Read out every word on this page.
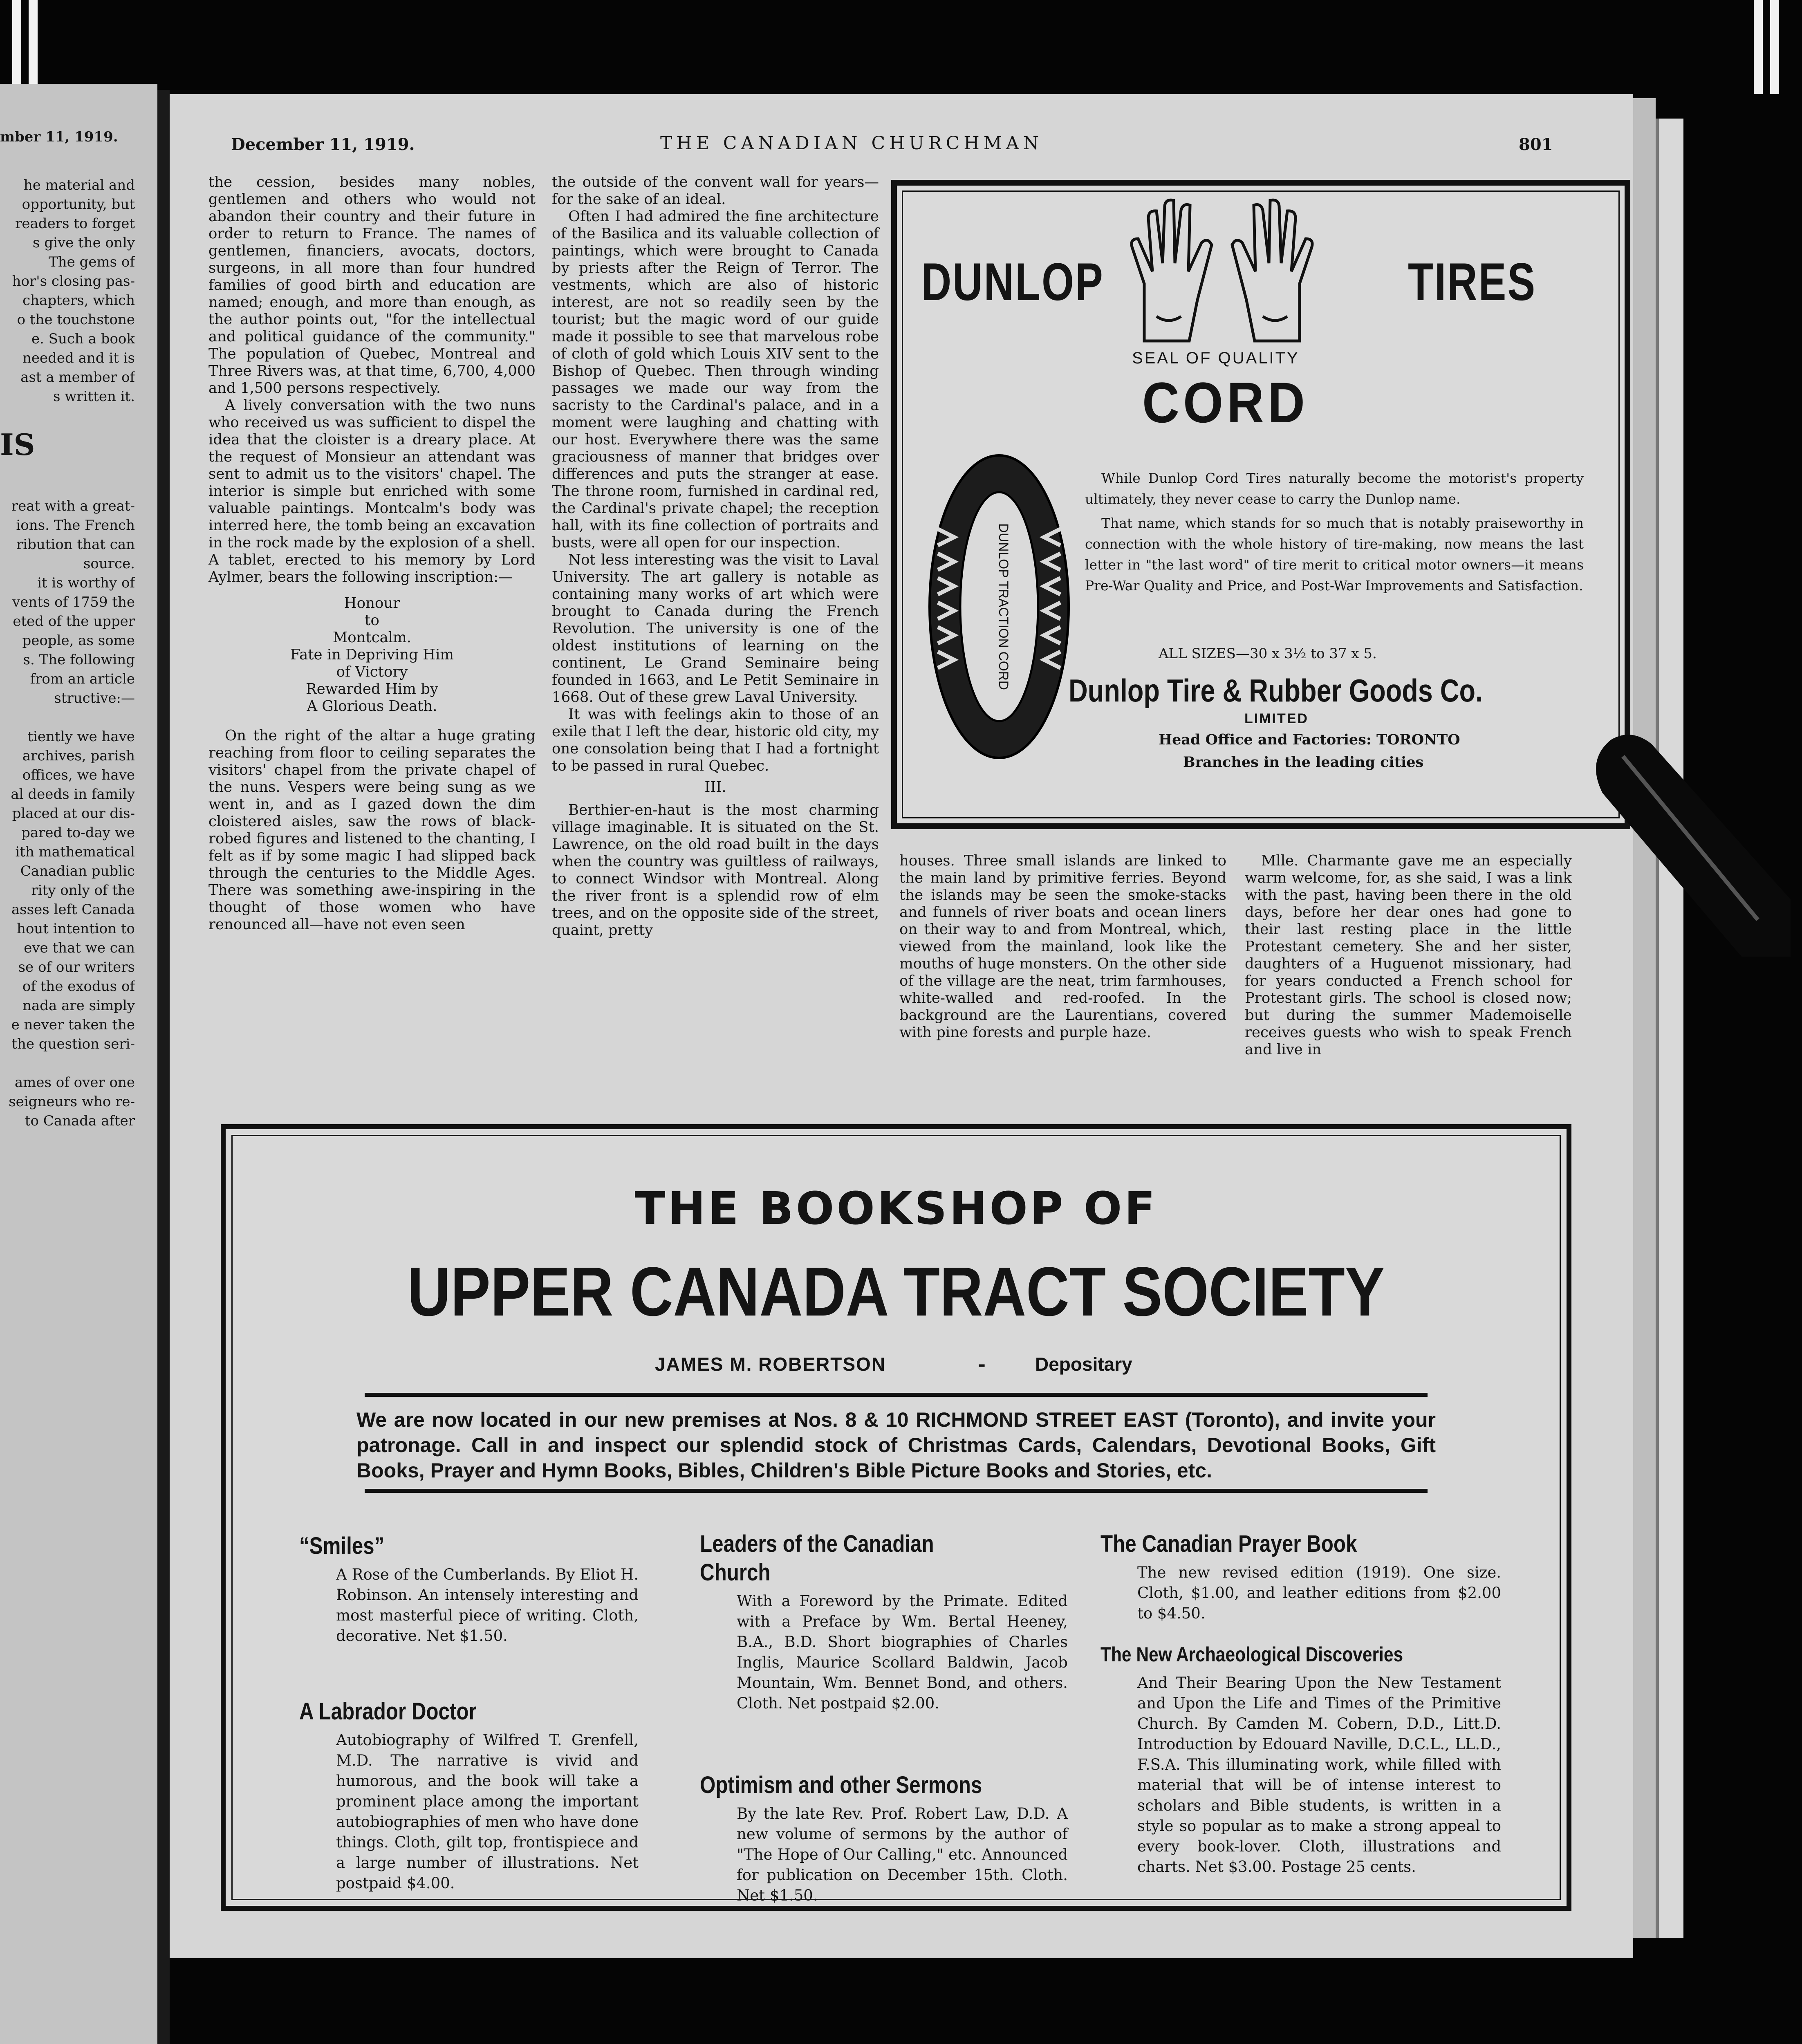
mber 11, 1919.
he material and
opportunity, but
readers to forget
s give the only
The gems of
hor's closing pas-
chapters, which
o the touchstone
e. Such a book
needed and it is
ast a member of
s written it.
IS
reat with a great-
ions. The French
ribution that can
source.
it is worthy of
vents of 1759 the
eted of the upper
people, as some
s. The following
from an article
structive:—

tiently we have
archives, parish
offices, we have
al deeds in family
placed at our dis-
pared to-day we
ith mathematical
Canadian public
rity only of the
asses left Canada
hout intention to
eve that we can
se of our writers
of the exodus of
nada are simply
e never taken the
the question seri-

ames of over one
seigneurs who re-
to Canada after
December 11, 1919.	THE CANADIAN CHURCHMAN	801

the cession, besides many nobles, gentlemen and others who would not abandon their country and their future in order to return to France. The names of gentlemen, financiers, avocats, doctors, surgeons, in all more than four hundred families of good birth and education are named; enough, and more than enough, as the author points out, "for the intellectual and political guidance of the community." The population of Quebec, Montreal and Three Rivers was, at that time, 6,700, 4,000 and 1,500 persons respectively.

A lively conversation with the two nuns who received us was sufficient to dispel the idea that the cloister is a dreary place. At the request of Monsieur an attendant was sent to admit us to the visitors' chapel. The interior is simple but enriched with some valuable paintings. Montcalm's body was interred here, the tomb being an excavation in the rock made by the explosion of a shell. A tablet, erected to his memory by Lord Aylmer, bears the following inscription:—

Honour
to
Montcalm.
Fate in Depriving Him
of Victory
Rewarded Him by
A Glorious Death.

On the right of the altar a huge grating reaching from floor to ceiling separates the visitors' chapel from the private chapel of the nuns. Vespers were being sung as we went in, and as I gazed down the dim cloistered aisles, saw the rows of black-robed figures and listened to the chanting, I felt as if by some magic I had slipped back through the centuries to the Middle Ages. There was something awe-inspiring in the thought of those women who have renounced all—have not even seen

the outside of the convent wall for years—for the sake of an ideal.

Often I had admired the fine architecture of the Basilica and its valuable collection of paintings, which were brought to Canada by priests after the Reign of Terror. The vestments, which are also of historic interest, are not so readily seen by the tourist; but the magic word of our guide made it possible to see that marvelous robe of cloth of gold which Louis XIV sent to the Bishop of Quebec. Then through winding passages we made our way from the sacristy to the Cardinal's palace, and in a moment were laughing and chatting with our host. Everywhere there was the same graciousness of manner that bridges over differences and puts the stranger at ease. The throne room, furnished in cardinal red, the Cardinal's private chapel; the reception hall, with its fine collection of portraits and busts, were all open for our inspection.

Not less interesting was the visit to Laval University. The art gallery is notable as containing many works of art which were brought to Canada during the French Revolution. The university is one of the oldest institutions of learning on the continent, Le Grand Seminaire being founded in 1663, and Le Petit Seminaire in 1668. Out of these grew Laval University.

It was with feelings akin to those of an exile that I left the dear, historic old city, my one consolation being that I had a fortnight to be passed in rural Quebec.

III.

Berthier-en-haut is the most charming village imaginable. It is situated on the St. Lawrence, on the old road built in the days when the country was guiltless of railways, to connect Windsor with Montreal. Along the river front is a splendid row of elm trees, and on the opposite side of the street, quaint, pretty

DUNLOP	TIRES
SEAL OF QUALITY
CORD
DUNLOP TRACTION CORD

While Dunlop Cord Tires naturally become the motorist's property ultimately, they never cease to carry the Dunlop name.

That name, which stands for so much that is notably praiseworthy in connection with the whole history of tire-making, now means the last letter in "the last word" of tire merit to critical motor owners—it means Pre-War Quality and Price, and Post-War Improvements and Satisfaction.

ALL SIZES—30 x 3½ to 37 x 5.
Dunlop Tire & Rubber Goods Co.
LIMITED
Head Office and Factories: TORONTO
Branches in the leading cities

houses. Three small islands are linked to the main land by primitive ferries. Beyond the islands may be seen the smoke-stacks and funnels of river boats and ocean liners on their way to and from Montreal, which, viewed from the mainland, look like the mouths of huge monsters. On the other side of the village are the neat, trim farmhouses, white-walled and red-roofed. In the background are the Laurentians, covered with pine forests and purple haze.

Mlle. Charmante gave me an especially warm welcome, for, as she said, I was a link with the past, having been there in the old days, before her dear ones had gone to their last resting place in the little Protestant cemetery. She and her sister, daughters of a Huguenot missionary, had for years conducted a French school for Protestant girls. The school is closed now; but during the summer Mademoiselle receives guests who wish to speak French and live in

THE BOOKSHOP OF
UPPER CANADA TRACT SOCIETY
JAMES M. ROBERTSON	-	Depositary
We are now located in our new premises at Nos. 8 & 10 RICHMOND STREET EAST (Toronto), and invite your patronage. Call in and inspect our splendid stock of Christmas Cards, Calendars, Devotional Books, Gift Books, Prayer and Hymn Books, Bibles, Children's Bible Picture Books and Stories, etc.

“Smiles”

A Rose of the Cumberlands. By Eliot H. Robinson. An intensely interesting and most masterful piece of writing. Cloth, decorative. Net $1.50.

A Labrador Doctor

Autobiography of Wilfred T. Grenfell, M.D. The narrative is vivid and humorous, and the book will take a prominent place among the important autobiographies of men who have done things. Cloth, gilt top, frontispiece and a large number of illustrations. Net postpaid $4.00.

Leaders of the Canadian Church

With a Foreword by the Primate. Edited with a Preface by Wm. Bertal Heeney, B.A., B.D. Short biographies of Charles Inglis, Maurice Scollard Baldwin, Jacob Mountain, Wm. Bennet Bond, and others. Cloth. Net postpaid $2.00.

Optimism and other Sermons

By the late Rev. Prof. Robert Law, D.D. A new volume of sermons by the author of "The Hope of Our Calling," etc. Announced for publication on December 15th. Cloth. Net $1.50.

The Canadian Prayer Book

The new revised edition (1919). One size. Cloth, $1.00, and leather editions from $2.00 to $4.50.

The New Archaeological Discoveries

And Their Bearing Upon the New Testament and Upon the Life and Times of the Primitive Church. By Camden M. Cobern, D.D., Litt.D. Introduction by Edouard Naville, D.C.L., LL.D., F.S.A. This illuminating work, while filled with material that will be of intense interest to scholars and Bible students, is written in a style so popular as to make a strong appeal to every book-lover. Cloth, illustrations and charts. Net $3.00. Postage 25 cents.
